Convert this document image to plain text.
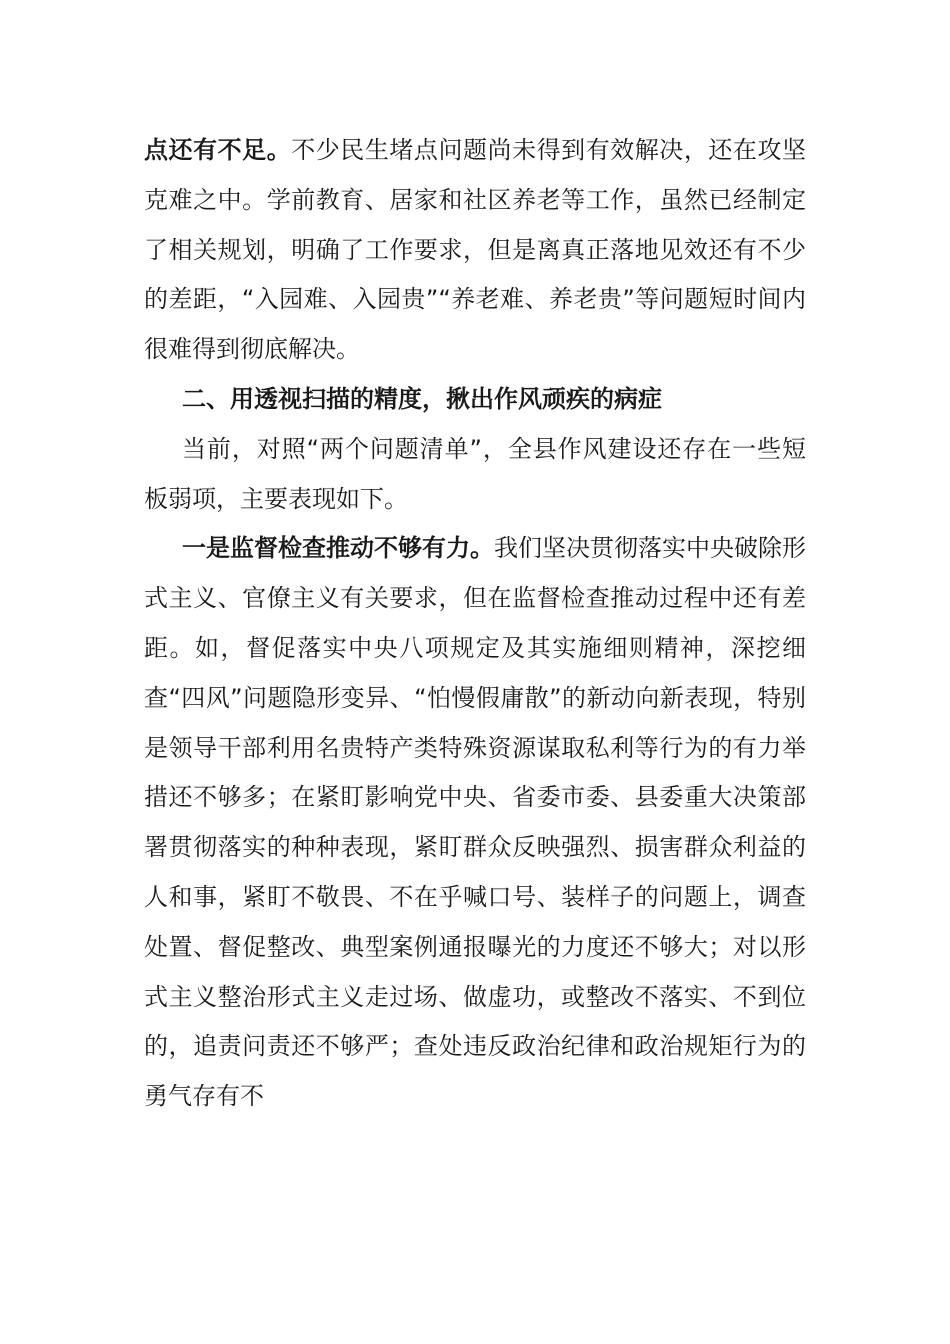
点还有不足。不少民生堵点问题尚未得到有效解决，还在攻坚克难之中。学前教育、居家和社区养老等工作，虽然已经制定了相关规划，明确了工作要求，但是离真正落地见效还有不少的差距，“入园难、入园贵”“养老难、养老贵”等问题短时间内很难得到彻底解决。

二、用透视扫描的精度，揪出作风顽疾的病症

当前，对照“两个问题清单”，全县作风建设还存在一些短板弱项，主要表现如下。

一是监督检查推动不够有力。我们坚决贯彻落实中央破除形式主义、官僚主义有关要求，但在监督检查推动过程中还有差距。如，督促落实中央八项规定及其实施细则精神，深挖细查“四风”问题隐形变异、“怕慢假庸散”的新动向新表现，特别是领导干部利用名贵特产类特殊资源谋取私利等行为的有力举措还不够多；在紧盯影响党中央、省委市委、县委重大决策部署贯彻落实的种种表现，紧盯群众反映强烈、损害群众利益的人和事，紧盯不敬畏、不在乎喊口号、装样子的问题上，调查处置、督促整改、典型案例通报曝光的力度还不够大；对以形式主义整治形式主义走过场、做虚功，或整改不落实、不到位的，追责问责还不够严；查处违反政治纪律和政治规矩行为的勇气存有不
